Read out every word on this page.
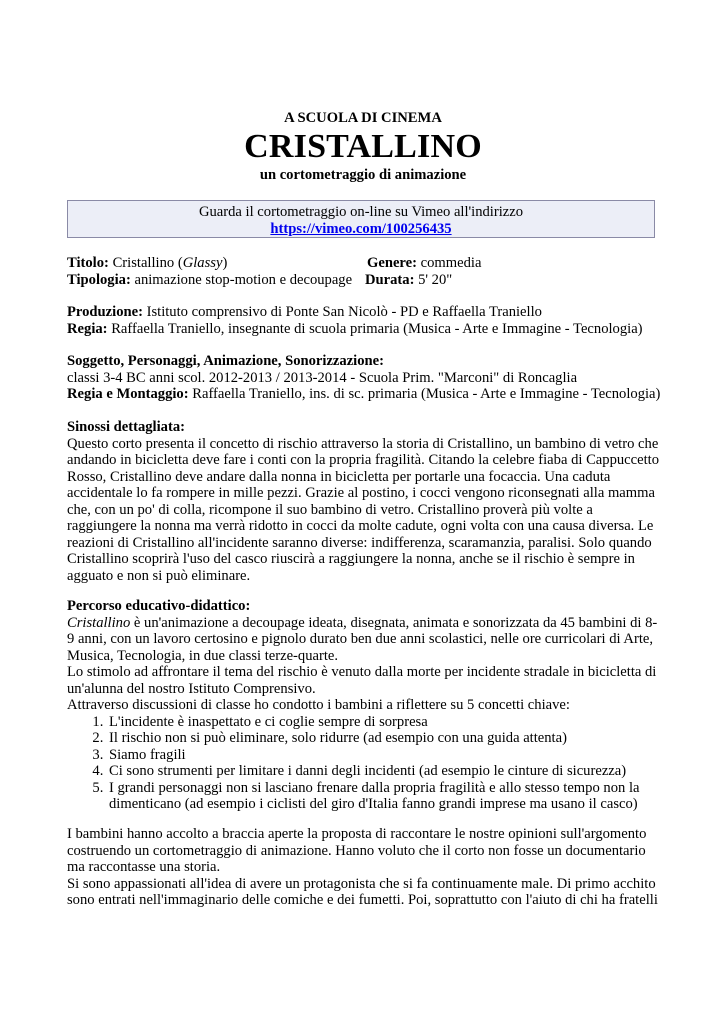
A SCUOLA DI CINEMA
CRISTALLINO
un cortometraggio di animazione
Guarda il cortometraggio on-line su Vimeo all'indirizzo
https://vimeo.com/100256435
Titolo: Cristallino (Glassy)	Genere: commedia
Tipologia: animazione stop-motion e decoupage Durata: 5' 20"
Produzione: Istituto comprensivo di Ponte San Nicolò - PD e Raffaella Traniello
Regia: Raffaella Traniello, insegnante di scuola primaria (Musica - Arte e Immagine - Tecnologia)
Soggetto, Personaggi, Animazione, Sonorizzazione:
classi 3-4 BC anni scol. 2012-2013 / 2013-2014 - Scuola Prim. "Marconi" di Roncaglia
Regia e Montaggio: Raffaella Traniello, ins. di sc. primaria (Musica - Arte e Immagine - Tecnologia)
Sinossi dettagliata:

Questo corto presenta il concetto di rischio attraverso la storia di Cristallino, un bambino di vetro che andando in bicicletta deve fare i conti con la propria fragilità. Citando la celebre fiaba di Cappuccetto Rosso, Cristallino deve andare dalla nonna in bicicletta per portarle una focaccia. Una caduta accidentale lo fa rompere in mille pezzi. Grazie al postino, i cocci vengono riconsegnati alla mamma che, con un po' di colla, ricompone il suo bambino di vetro. Cristallino proverà più volte a raggiungere la nonna ma verrà ridotto in cocci da molte cadute, ogni volta con una causa diversa. Le reazioni di Cristallino all'incidente saranno diverse: indifferenza, scaramanzia, paralisi. Solo quando Cristallino scoprirà l'uso del casco riuscirà a raggiungere la nonna, anche se il rischio è sempre in agguato e non si può eliminare.

Percorso educativo-didattico:

Cristallino è un'animazione a decoupage ideata, disegnata, animata e sonorizzata da 45 bambini di 8-9 anni, con un lavoro certosino e pignolo durato ben due anni scolastici, nelle ore curricolari di Arte, Musica, Tecnologia, in due classi terze-quarte.

Lo stimolo ad affrontare il tema del rischio è venuto dalla morte per incidente stradale in bicicletta di un'alunna del nostro Istituto Comprensivo.

Attraverso discussioni di classe ho condotto i bambini a riflettere su 5 concetti chiave:

1. L'incidente è inaspettato e ci coglie sempre di sorpresa
2. Il rischio non si può eliminare, solo ridurre (ad esempio con una guida attenta)
3. Siamo fragili
4. Ci sono strumenti per limitare i danni degli incidenti (ad esempio le cinture di sicurezza)
5. I grandi personaggi non si lasciano frenare dalla propria fragilità e allo stesso tempo non la dimenticano (ad esempio i ciclisti del giro d'Italia fanno grandi imprese ma usano il casco)

I bambini hanno accolto a braccia aperte la proposta di raccontare le nostre opinioni sull'argomento costruendo un cortometraggio di animazione. Hanno voluto che il corto non fosse un documentario ma raccontasse una storia.

Si sono appassionati all'idea di avere un protagonista che si fa continuamente male. Di primo acchito sono entrati nell'immaginario delle comiche e dei fumetti. Poi, soprattutto con l'aiuto di chi ha fratelli
